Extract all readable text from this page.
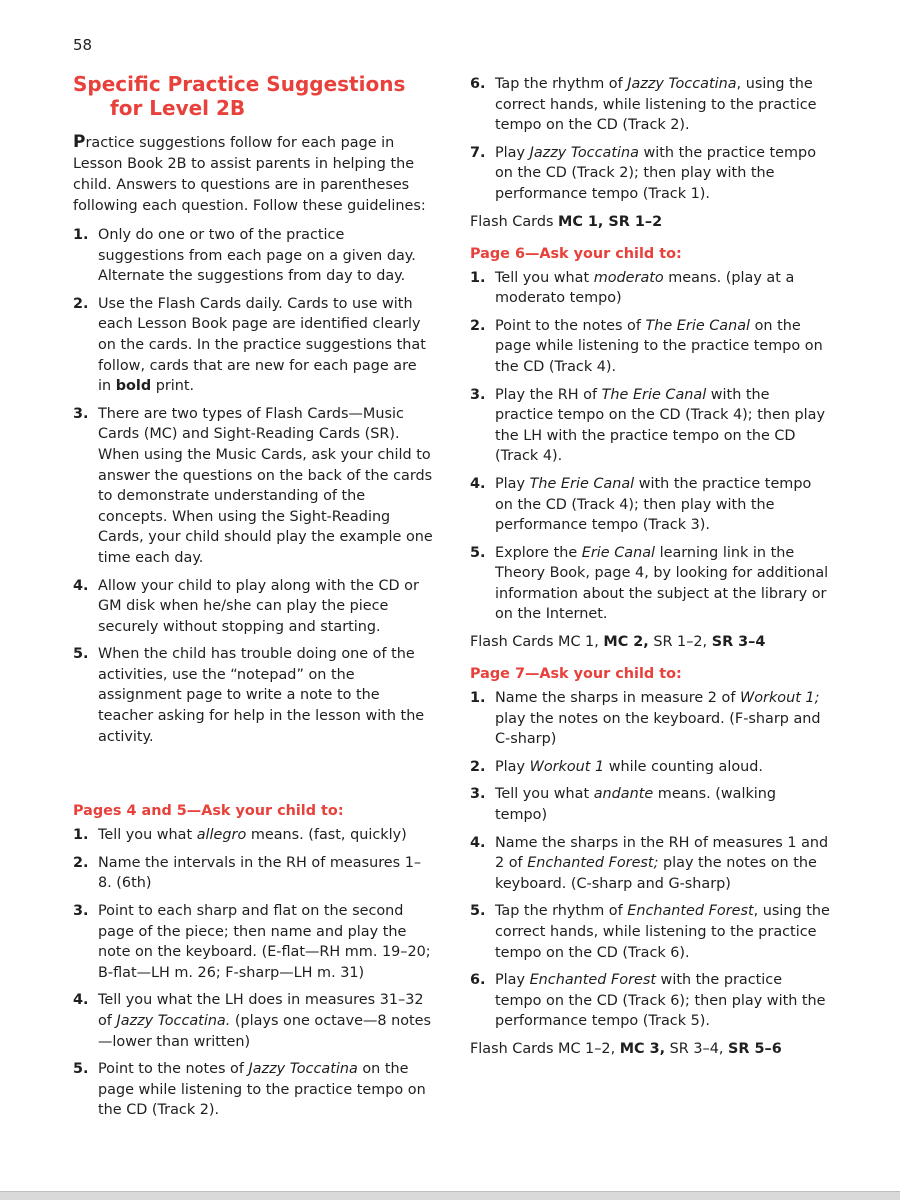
58
Specific Practice Suggestions
for Level 2B

Practice suggestions follow for each page in Lesson Book 2B to assist parents in helping the child. Answers to questions are in parentheses following each question. Follow these guidelines:

1. Only do one or two of the practice suggestions from each page on a given day. Alternate the suggestions from day to day.
2. Use the Flash Cards daily. Cards to use with each Lesson Book page are identified clearly on the cards. In the practice suggestions that follow, cards that are new for each page are in bold print.
3. There are two types of Flash Cards—Music Cards (MC) and Sight-Reading Cards (SR). When using the Music Cards, ask your child to answer the questions on the back of the cards to demonstrate understanding of the concepts. When using the Sight-Reading Cards, your child should play the example one time each day.
4. Allow your child to play along with the CD or GM disk when he/she can play the piece securely without stopping and starting.
5. When the child has trouble doing one of the activities, use the “notepad” on the assignment page to write a note to the teacher asking for help in the lesson with the activity.
Pages 4 and 5—Ask your child to:
1. Tell you what allegro means. (fast, quickly)
2. Name the intervals in the RH of measures 1–8. (6th)
3. Point to each sharp and flat on the second page of the piece; then name and play the note on the keyboard. (E-flat—RH mm. 19–20; B-flat—LH m. 26; F-sharp—LH m. 31)
4. Tell you what the LH does in measures 31–32 of Jazzy Toccatina. (plays one octave—8 notes—lower than written)
5. Point to the notes of Jazzy Toccatina on the page while listening to the practice tempo on the CD (Track 2).
6. Tap the rhythm of Jazzy Toccatina, using the correct hands, while listening to the practice tempo on the CD (Track 2).
7. Play Jazzy Toccatina with the practice tempo on the CD (Track 2); then play with the performance tempo (Track 1).

Flash Cards MC 1, SR 1–2

Page 6—Ask your child to:
1. Tell you what moderato means. (play at a moderato tempo)
2. Point to the notes of The Erie Canal on the page while listening to the practice tempo on the CD (Track 4).
3. Play the RH of The Erie Canal with the practice tempo on the CD (Track 4); then play the LH with the practice tempo on the CD (Track 4).
4. Play The Erie Canal with the practice tempo on the CD (Track 4); then play with the performance tempo (Track 3).
5. Explore the Erie Canal learning link in the Theory Book, page 4, by looking for additional information about the subject at the library or on the Internet.

Flash Cards MC 1, MC 2, SR 1–2, SR 3–4

Page 7—Ask your child to:
1. Name the sharps in measure 2 of Workout 1; play the notes on the keyboard. (F-sharp and C-sharp)
2. Play Workout 1 while counting aloud.
3. Tell you what andante means. (walking tempo)
4. Name the sharps in the RH of measures 1 and 2 of Enchanted Forest; play the notes on the keyboard. (C-sharp and G-sharp)
5. Tap the rhythm of Enchanted Forest, using the correct hands, while listening to the practice tempo on the CD (Track 6).
6. Play Enchanted Forest with the practice tempo on the CD (Track 6); then play with the performance tempo (Track 5).

Flash Cards MC 1–2, MC 3, SR 3–4, SR 5–6
